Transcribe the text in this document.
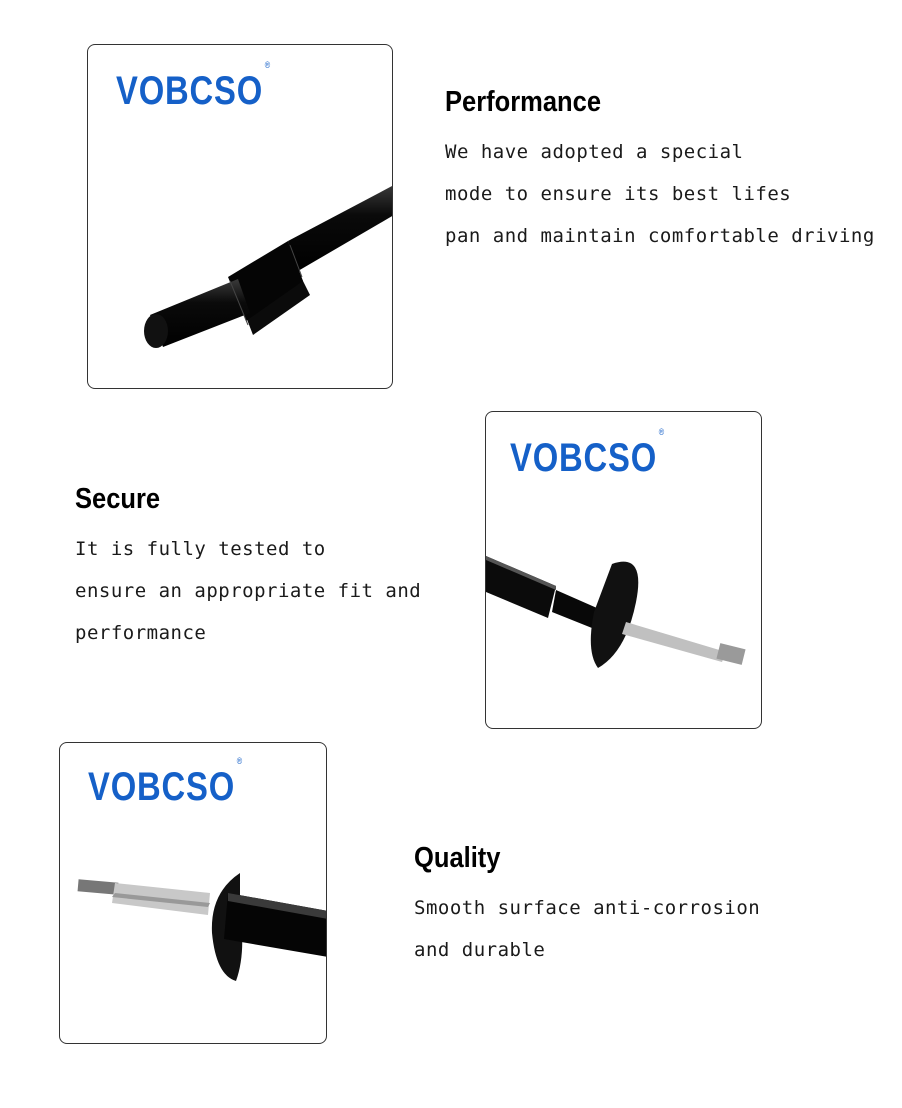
VOBCSO®
Performance
We have adopted a special
mode to ensure its best lifes
pan and maintain comfortable driving
VOBCSO®
Secure
It is fully tested to
ensure an appropriate fit and
performance
VOBCSO®
Quality
Smooth surface anti-corrosion
and durable
